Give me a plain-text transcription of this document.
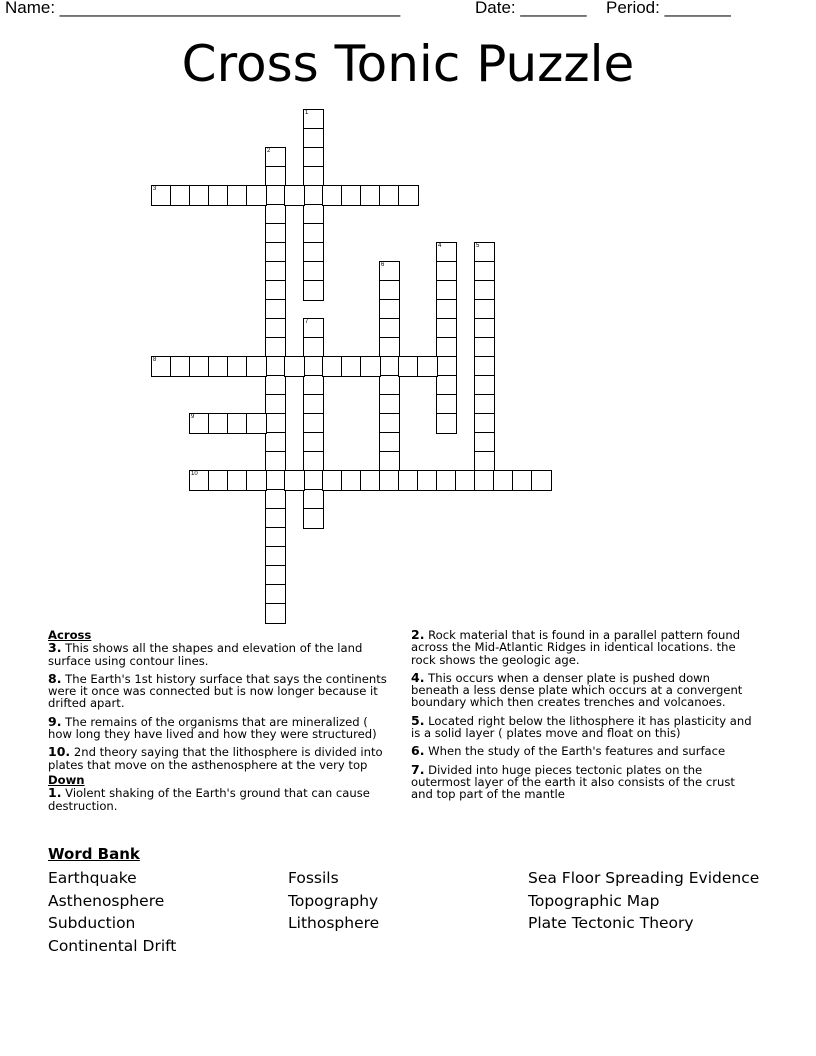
Name: ____________________________________	Date: _______ Period: _______
Cross Tonic Puzzle
1
2
3
4	5
6
7
8
9
10
Across
3. This shows all the shapes and elevation of the land surface using contour lines.
8. The Earth's 1st history surface that says the continents were it once was connected but is now longer because it drifted apart.
9. The remains of the organisms that are mineralized ( how long they have lived and how they were structured)
10. 2nd theory saying that the lithosphere is divided into plates that move on the asthenosphere at the very top
Down
1. Violent shaking of the Earth's ground that can cause destruction.
2. Rock material that is found in a parallel pattern found across the Mid-Atlantic Ridges in identical locations. the rock shows the geologic age.
4. This occurs when a denser plate is pushed down beneath a less dense plate which occurs at a convergent boundary which then creates trenches and volcanoes.
5. Located right below the lithosphere it has plasticity and is a solid layer ( plates move and float on this)
6. When the study of the Earth's features and surface
7. Divided into huge pieces tectonic plates on the outermost layer of the earth it also consists of the crust and top part of the mantle
Word Bank
Earthquake
Asthenosphere
Subduction
Continental Drift
Fossils
Topography
Lithosphere
Sea Floor Spreading Evidence
Topographic Map
Plate Tectonic Theory
